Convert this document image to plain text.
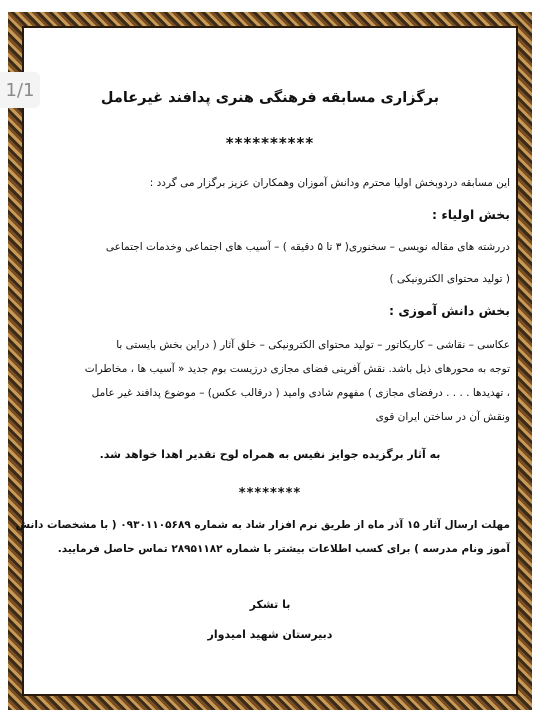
1/1	برگزاری مسابقه فرهنگی هنری پدافند غیرعامل
**********
این مسابقه دردوبخش اولیا محترم ودانش آموزان وهمکاران عزیز برگزار می گردد :
بخش اولیاء :
دررشته های مقاله نویسی – سخنوری( ۳ تا ۵ دقیقه ) – آسیب های اجتماعی وخدمات اجتماعی
( تولید محتوای الکترونیکی )
بخش دانش آموزی :
عکاسی – نقاشی – کاریکاتور – تولید محتوای الکترونیکی – خلق آثار ( دراین بخش بایستی با
توجه به محورهای ذیل باشد. نقش آفرینی فضای مجازی درزیست بوم جدید « آسیب ها ، مخاطرات
، تهدیدها . . . . درفضای مجازی ) مفهوم شادی وامید ( درقالب عکس) – موضوع پدافند غیر عامل
ونقش آن در ساختن ایران قوی
به آثار برگزیده جوایز نفیس به همراه لوح تقدیر اهدا خواهد شد.
********
مهلت ارسال آثار ۱۵ آذر ماه از طریق نرم افزار شاد به شماره ۰۹۳۰۱۱۰۵۶۸۹ ( با مشخصات دانش
آموز ونام مدرسه ) برای کسب اطلاعات بیشتر با شماره ۲۸۹۵۱۱۸۲ تماس حاصل فرمایید.
با تشکر
دبیرستان شهید امیدوار
